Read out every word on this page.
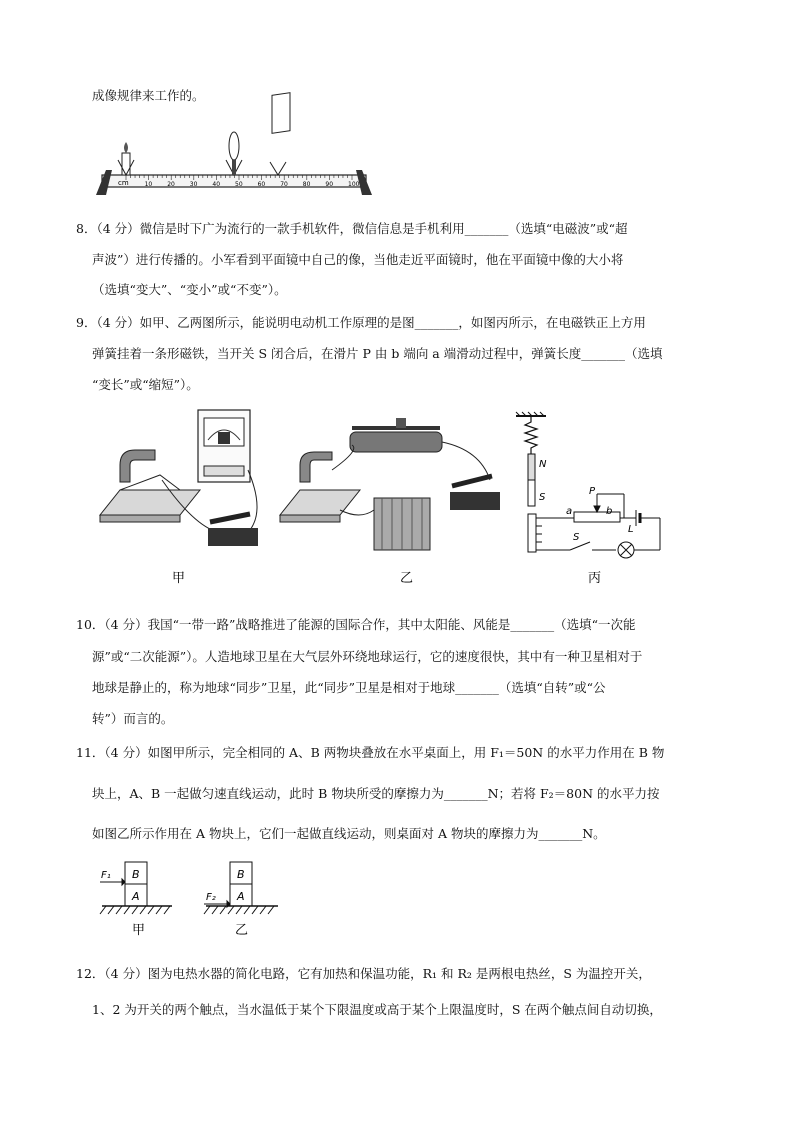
成像规律来工作的。
10 20 30 40 50 60 70 80 90 100
cm
8．（4 分）微信是时下广为流行的一款手机软件，微信信息是手机利用_______（选填“电磁波”或“超
声波”）进行传播的。小军看到平面镜中自己的像，当他走近平面镜时，他在平面镜中像的大小将
（选填“变大”、“变小”或“不变”）。
9．（4 分）如甲、乙两图所示，能说明电动机工作原理的是图_______，如图丙所示，在电磁铁正上方用
弹簧挂着一条形磁铁，当开关 S 闭合后，在滑片 P 由 b 端向 a 端滑动过程中，弹簧长度_______（选填
“变长”或“缩短”）。
甲	乙
N
S
P
a	b
L
S
丙
10．（4 分）我国“一带一路”战略推进了能源的国际合作，其中太阳能、风能是_______（选填“一次能
源”或“二次能源”）。人造地球卫星在大气层外环绕地球运行，它的速度很快，其中有一种卫星相对于
地球是静止的，称为地球“同步”卫星，此“同步”卫星是相对于地球_______（选填“自转”或“公
转”）而言的。
11．（4 分）如图甲所示，完全相同的 A、B 两物块叠放在水平桌面上，用 F₁＝50N 的水平力作用在 B 物
块上，A、B 一起做匀速直线运动，此时 B 物块所受的摩擦力为_______N；若将 F₂＝80N 的水平力按
如图乙所示作用在 A 物块上，它们一起做直线运动，则桌面对 A 物块的摩擦力为_______N。
B
A
F₁	B
A
F₂
甲	乙
12．（4 分）图为电热水器的简化电路，它有加热和保温功能，R₁ 和 R₂ 是两根电热丝，S 为温控开关，
1、2 为开关的两个触点，当水温低于某个下限温度或高于某个上限温度时，S 在两个触点间自动切换，
